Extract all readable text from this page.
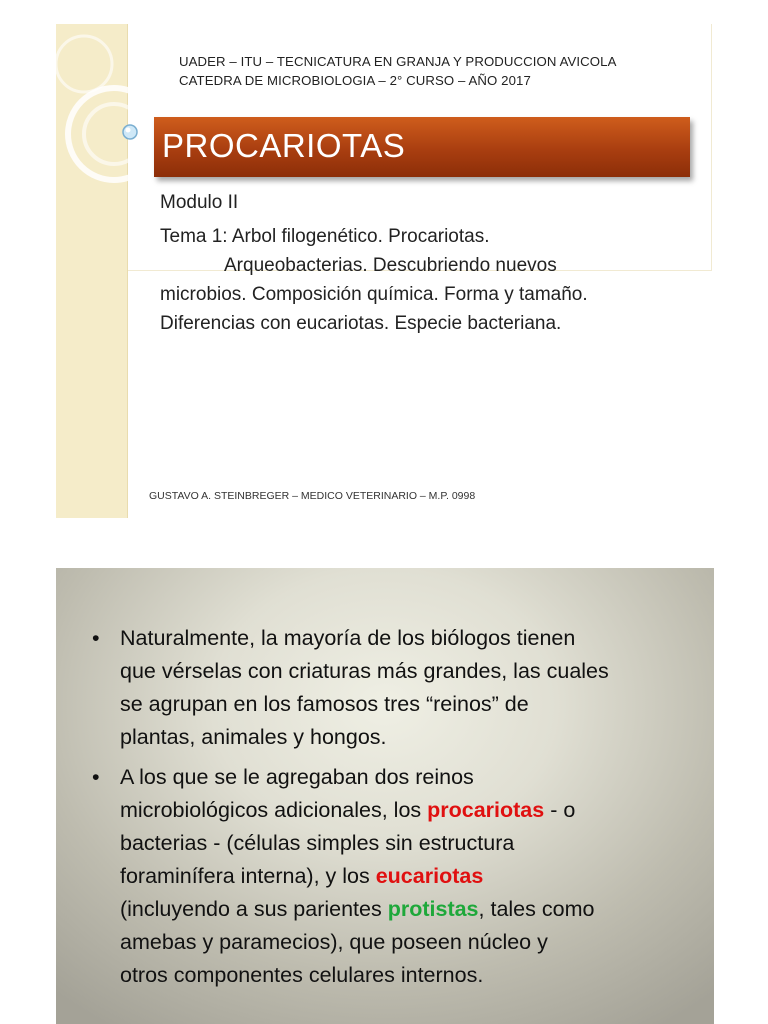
UADER – ITU – TECNICATURA EN GRANJA Y PRODUCCION AVICOLA
CATEDRA DE MICROBIOLOGIA – 2° CURSO – AÑO 2017
PROCARIOTAS
Modulo II
Tema 1: Arbol filogenético. Procariotas.
Arqueobacterias. Descubriendo nuevos
microbios. Composición química. Forma y tamaño.
Diferencias con eucariotas. Especie bacteriana.
GUSTAVO A. STEINBREGER – MEDICO VETERINARIO – M.P. 0998
• Naturalmente, la mayoría de los biólogos tienen
que vérselas con criaturas más grandes, las cuales
se agrupan en los famosos tres “reinos” de
plantas, animales y hongos.
• A los que se le agregaban dos reinos
microbiológicos adicionales, los procariotas - o
bacterias - (células simples sin estructura
foraminífera interna), y los eucariotas
(incluyendo a sus parientes protistas, tales como
amebas y paramecios), que poseen núcleo y
otros componentes celulares internos.
